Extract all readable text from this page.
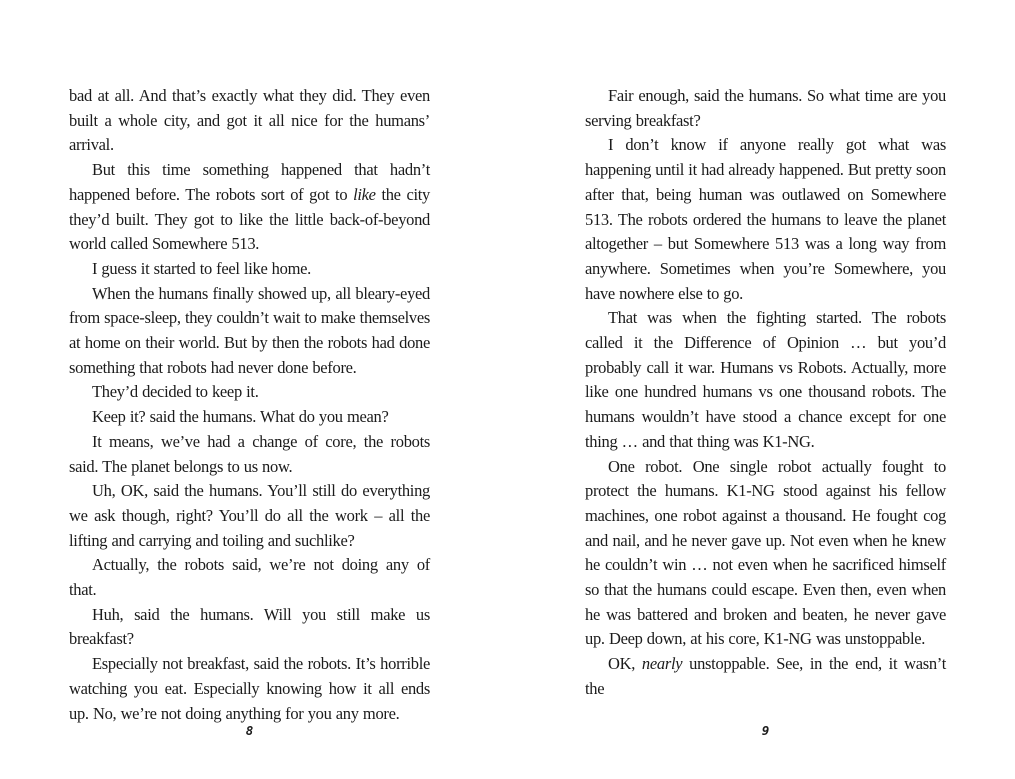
bad at all. And that’s exactly what they did. They even built a whole city, and got it all nice for the humans’ arrival.

But this time something happened that hadn’t happened before. The robots sort of got to like the city they’d built. They got to like the little back-of-beyond world called Somewhere 513.

I guess it started to feel like home.

When the humans finally showed up, all bleary-eyed from space-sleep, they couldn’t wait to make themselves at home on their world. But by then the robots had done something that robots had never done before.

They’d decided to keep it.

Keep it? said the humans. What do you mean?

It means, we’ve had a change of core, the robots said. The planet belongs to us now.

Uh, OK, said the humans. You’ll still do everything we ask though, right? You’ll do all the work – all the lifting and carrying and toiling and suchlike?

Actually, the robots said, we’re not doing any of that.

Huh, said the humans. Will you still make us breakfast?

Especially not breakfast, said the robots. It’s horrible watching you eat. Especially knowing how it all ends up. No, we’re not doing anything for you any more.

8

Fair enough, said the humans. So what time are you serving breakfast?

I don’t know if anyone really got what was happening until it had already happened. But pretty soon after that, being human was outlawed on Somewhere 513. The robots ordered the humans to leave the planet altogether – but Somewhere 513 was a long way from anywhere. Sometimes when you’re Somewhere, you have nowhere else to go.

That was when the fighting started. The robots called it the Difference of Opinion … but you’d probably call it war. Humans vs Robots. Actually, more like one hundred humans vs one thousand robots. The humans wouldn’t have stood a chance except for one thing … and that thing was K1-NG.

One robot. One single robot actually fought to protect the humans. K1-NG stood against his fellow machines, one robot against a thousand. He fought cog and nail, and he never gave up. Not even when he knew he couldn’t win … not even when he sacrificed himself so that the humans could escape. Even then, even when he was battered and broken and beaten, he never gave up. Deep down, at his core, K1-NG was unstoppable.

OK, nearly unstoppable. See, in the end, it wasn’t the

9
